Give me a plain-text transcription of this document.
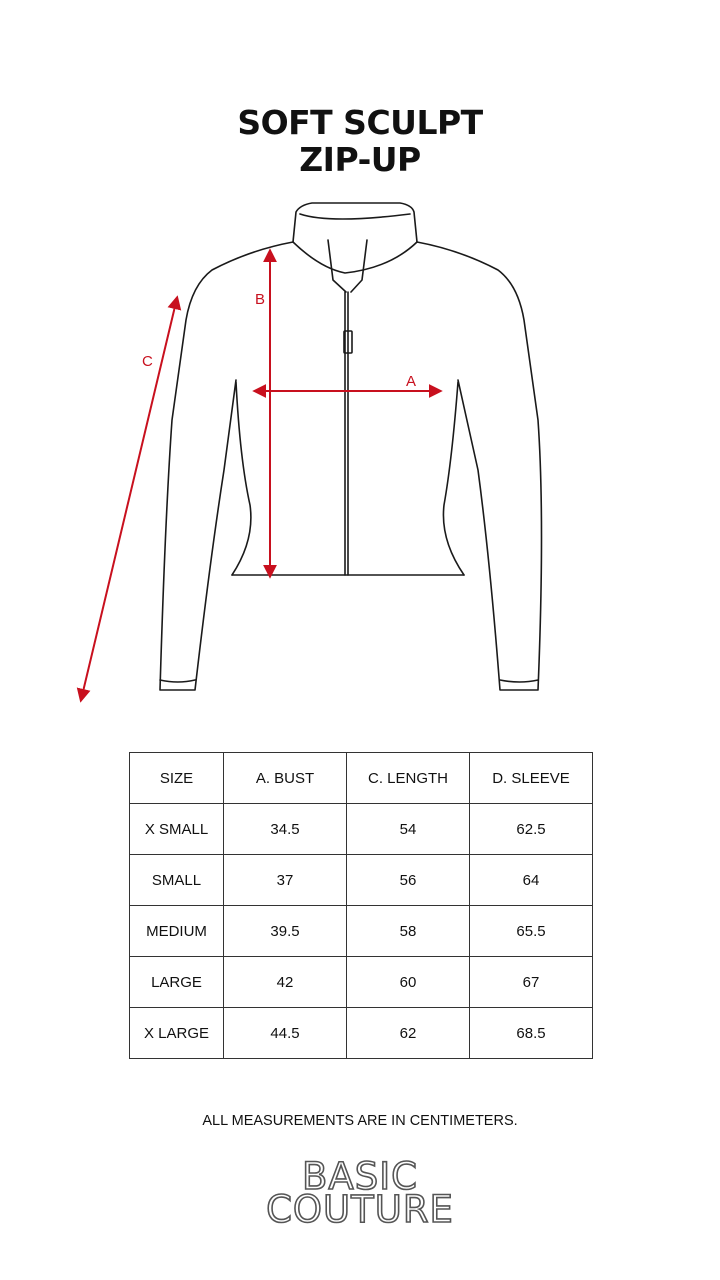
SOFT SCULPT
ZIP-UP
A
B
C
SIZE	A. BUST	C. LENGTH	D. SLEEVE
X SMALL	34.5	54	62.5
SMALL	37	56	64
MEDIUM	39.5	58	65.5
LARGE	42	60	67
X LARGE	44.5	62	68.5
ALL MEASUREMENTS ARE IN CENTIMETERS.
BASIC
COUTURE
